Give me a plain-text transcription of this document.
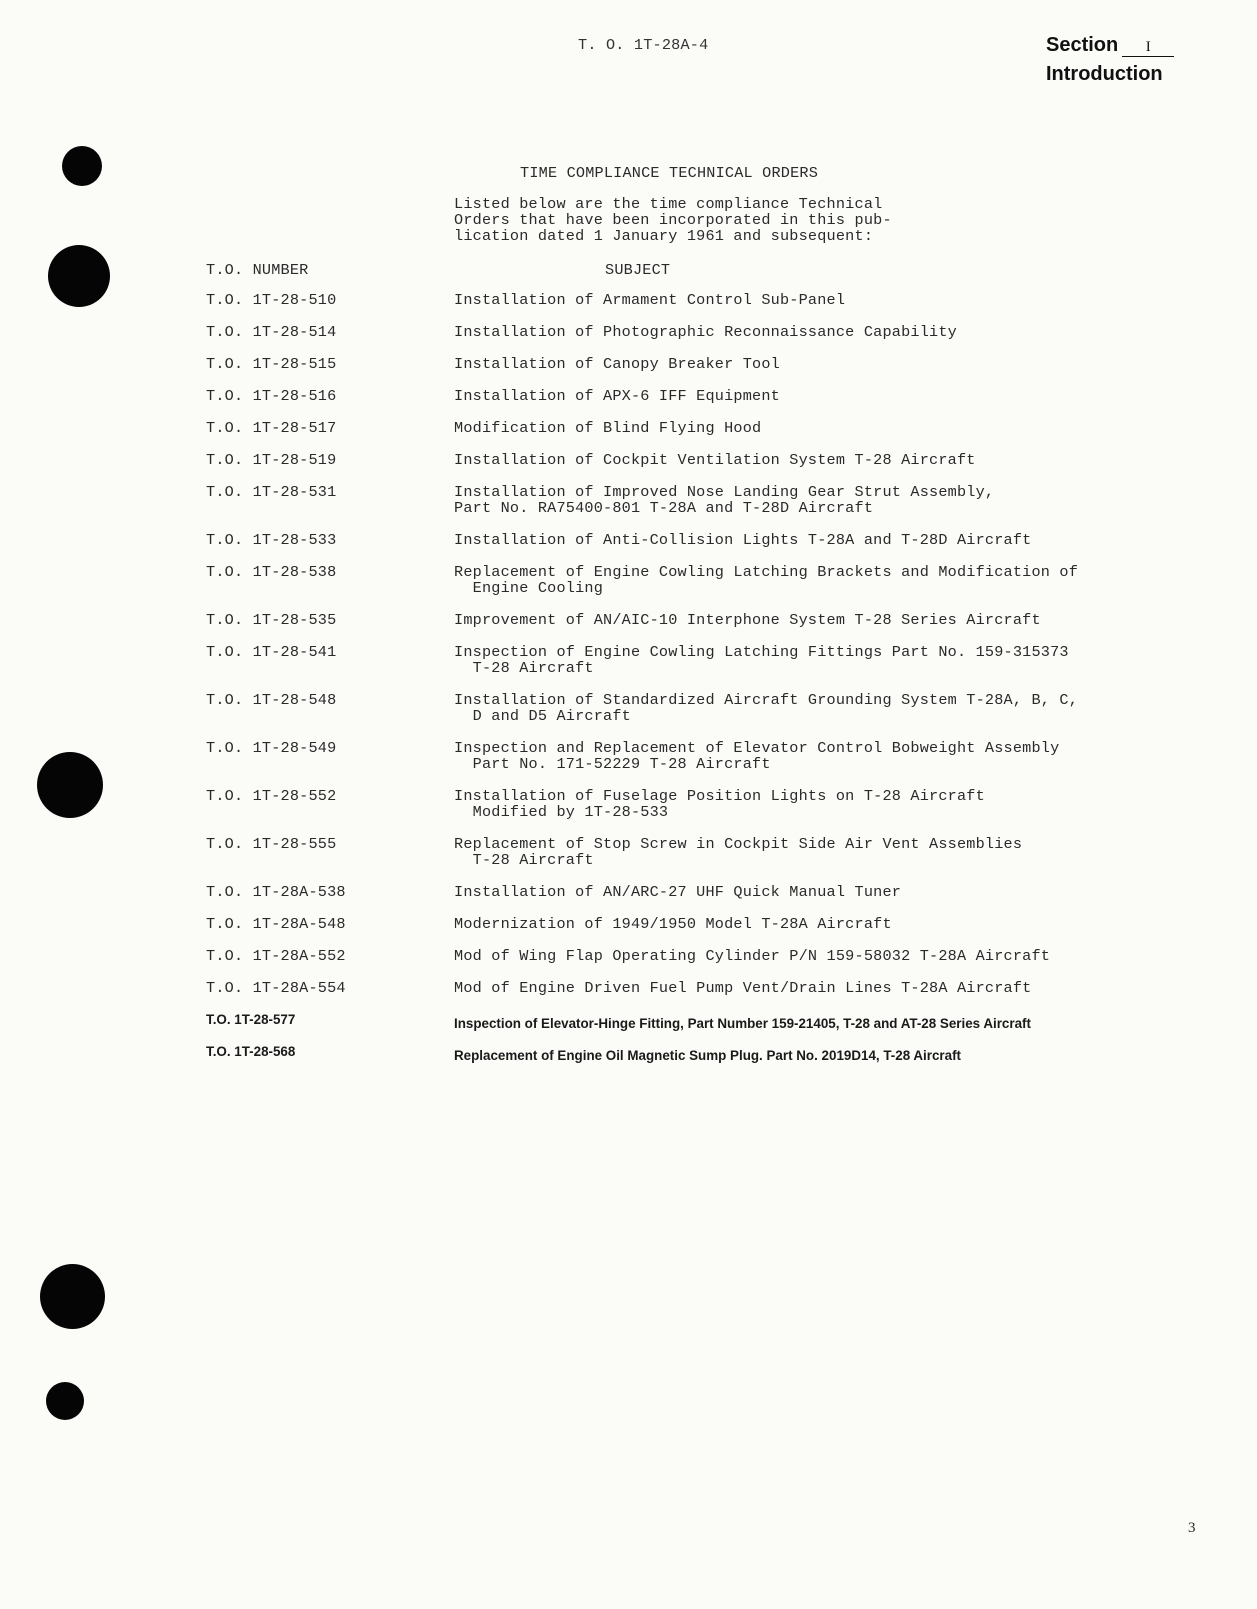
T. O. 1T-28A-4	Section I
Introduction
TIME COMPLIANCE TECHNICAL ORDERS
Listed below are the time compliance Technical
Orders that have been incorporated in this pub-
lication dated 1 January 1961 and subsequent:
T.O. NUMBER	SUBJECT
T.O. 1T-28-510	Installation of Armament Control Sub-Panel
T.O. 1T-28-514	Installation of Photographic Reconnaissance Capability
T.O. 1T-28-515	Installation of Canopy Breaker Tool
T.O. 1T-28-516	Installation of APX-6 IFF Equipment
T.O. 1T-28-517	Modification of Blind Flying Hood
T.O. 1T-28-519	Installation of Cockpit Ventilation System T-28 Aircraft
T.O. 1T-28-531	Installation of Improved Nose Landing Gear Strut Assembly,
Part No. RA75400-801 T-28A and T-28D Aircraft
T.O. 1T-28-533	Installation of Anti-Collision Lights T-28A and T-28D Aircraft
T.O. 1T-28-538	Replacement of Engine Cowling Latching Brackets and Modification of
Engine Cooling
T.O. 1T-28-535	Improvement of AN/AIC-10 Interphone System T-28 Series Aircraft
T.O. 1T-28-541	Inspection of Engine Cowling Latching Fittings Part No. 159-315373
T-28 Aircraft
T.O. 1T-28-548	Installation of Standardized Aircraft Grounding System T-28A, B, C,
D and D5 Aircraft
T.O. 1T-28-549	Inspection and Replacement of Elevator Control Bobweight Assembly
Part No. 171-52229 T-28 Aircraft
T.O. 1T-28-552	Installation of Fuselage Position Lights on T-28 Aircraft
Modified by 1T-28-533
T.O. 1T-28-555	Replacement of Stop Screw in Cockpit Side Air Vent Assemblies
T-28 Aircraft
T.O. 1T-28A-538	Installation of AN/ARC-27 UHF Quick Manual Tuner
T.O. 1T-28A-548	Modernization of 1949/1950 Model T-28A Aircraft
T.O. 1T-28A-552	Mod of Wing Flap Operating Cylinder P/N 159-58032 T-28A Aircraft
T.O. 1T-28A-554	Mod of Engine Driven Fuel Pump Vent/Drain Lines T-28A Aircraft
T.O. 1T-28-577	Inspection of Elevator-Hinge Fitting, Part Number 159-21405, T-28 and AT-28 Series Aircraft
T.O. 1T-28-568	Replacement of Engine Oil Magnetic Sump Plug. Part No. 2019D14, T-28 Aircraft
3
